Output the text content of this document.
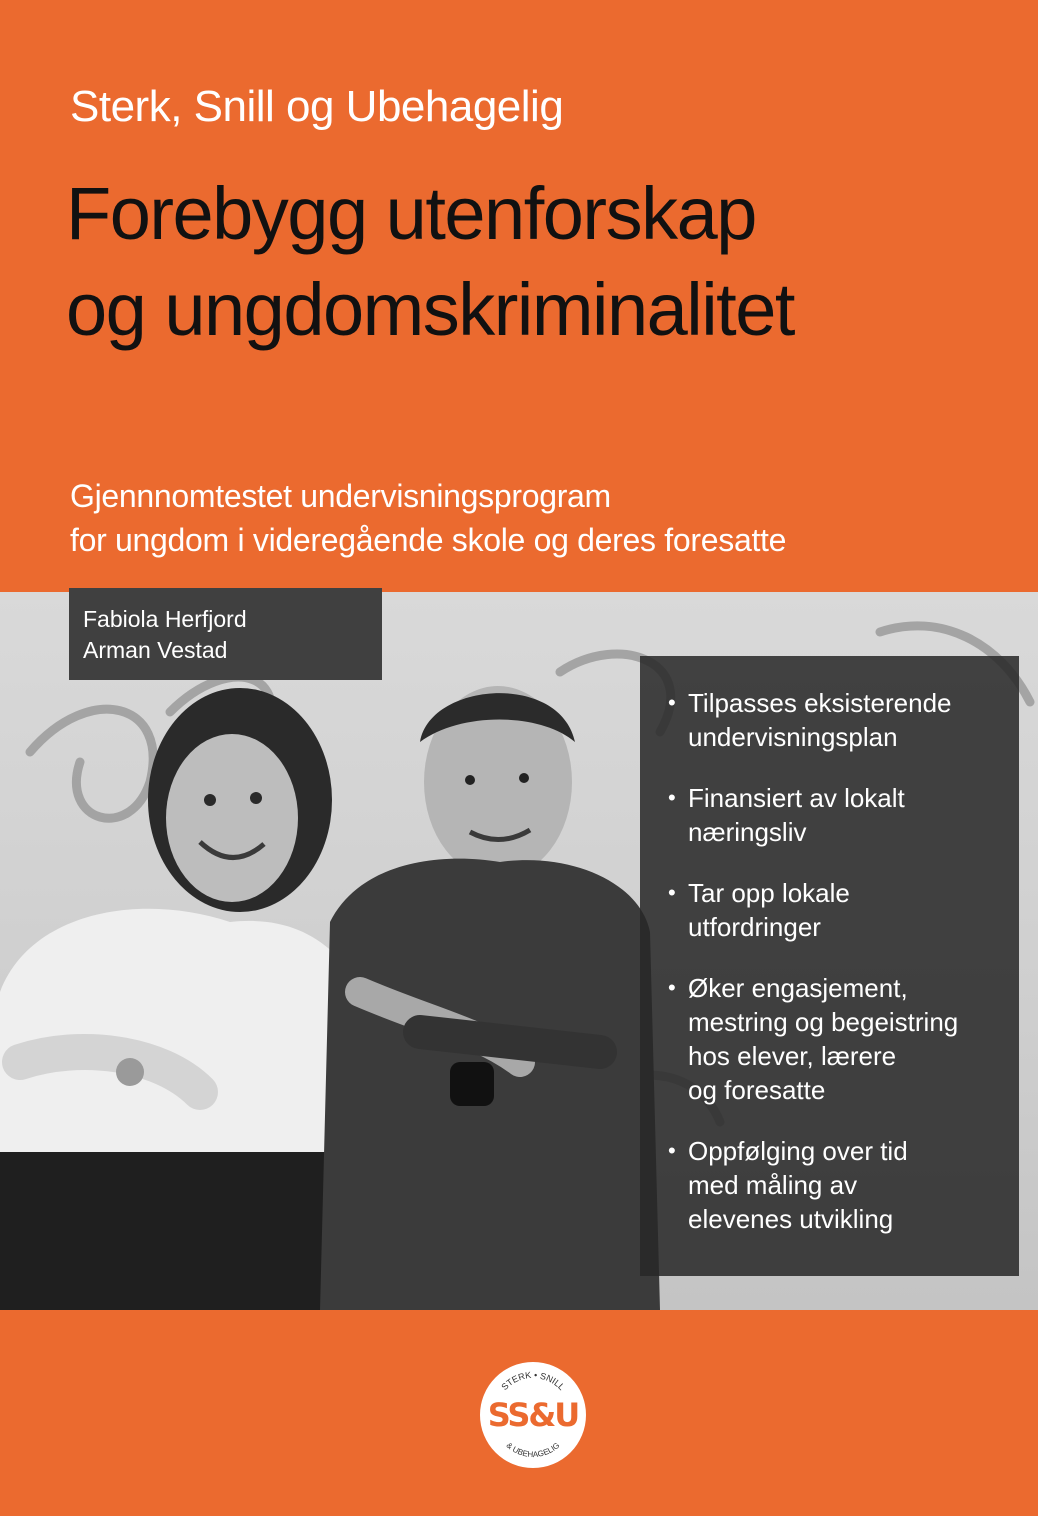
Sterk, Snill og Ubehagelig
Forebygg utenforskap
og ungdomskriminalitet

Gjennnomtestet undervisningsprogram
for ungdom i videregående skole og deres foresatte

Fabiola Herfjord
Arman Vestad
• Tilpasses eksisterende
undervisningsplan
• Finansiert av lokalt
næringsliv
• Tar opp lokale
utfordringer
• Øker engasjement,
mestring og begeistring
hos elever, lærere
og foresatte
• Oppfølging over tid
med måling av
elevenes utvikling
STERK • SNILL
& UBEHAGELIG
SS&U
